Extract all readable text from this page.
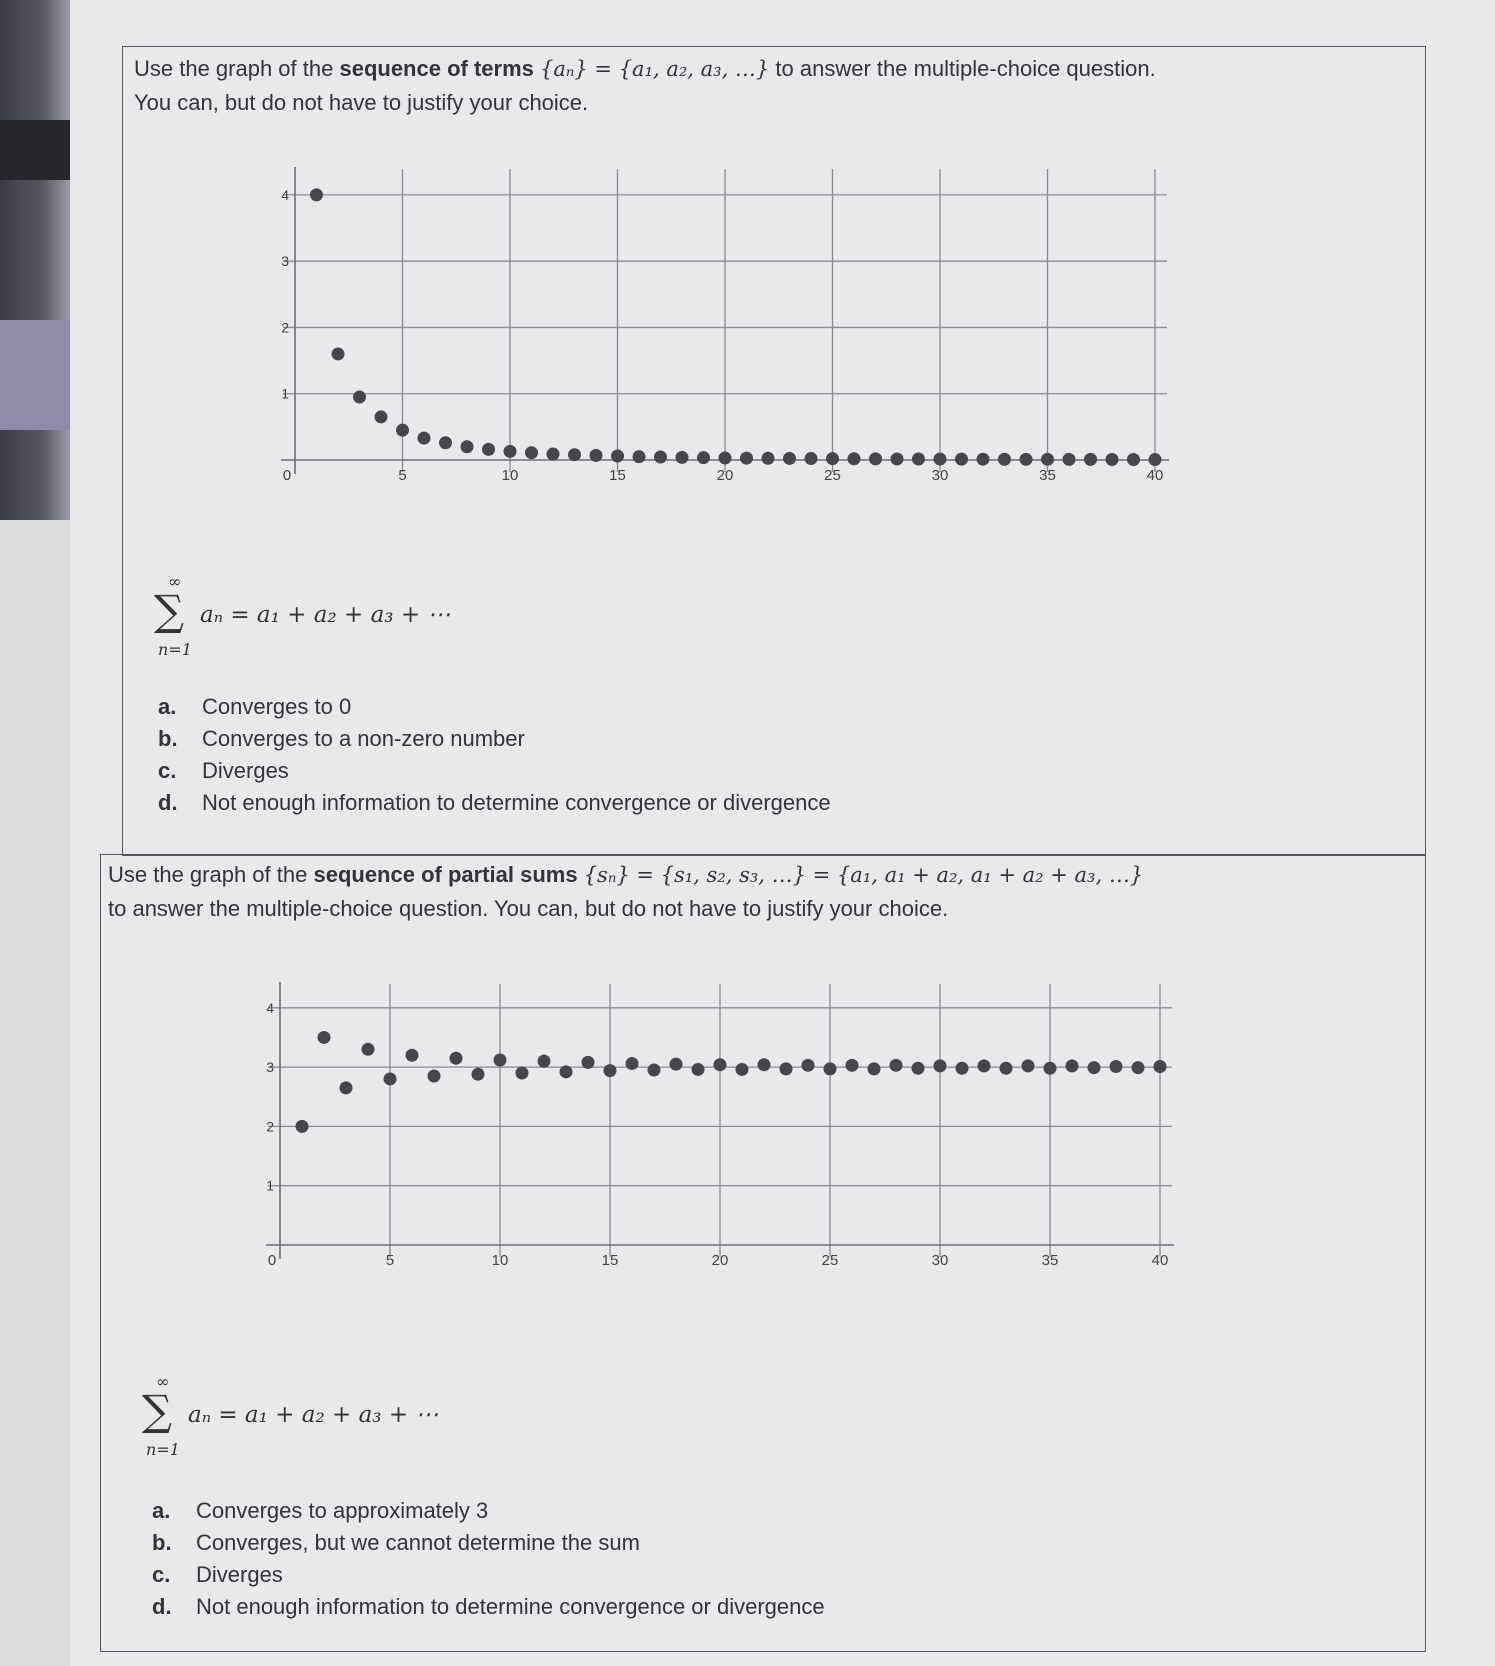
Use the graph of the sequence of terms {aₙ} = {a₁, a₂, a₃, …} to answer the multiple-choice question.
You can, but do not have to justify your choice.
0	5	10	15	20	25	30	35	40
1
2
3
4
∞
∑
n=1
aₙ = a₁ + a₂ + a₃ + ⋯
a. Converges to 0
b. Converges to a non-zero number
c. Diverges
d. Not enough information to determine convergence or divergence
Use the graph of the sequence of partial sums {sₙ} = {s₁, s₂, s₃, …} = {a₁, a₁ + a₂, a₁ + a₂ + a₃, …}
to answer the multiple-choice question. You can, but do not have to justify your choice.
0	5	10	15	20	25	30	35	40
1
2
3
4
∞
∑
n=1
aₙ = a₁ + a₂ + a₃ + ⋯
a. Converges to approximately 3
b. Converges, but we cannot determine the sum
c. Diverges
d. Not enough information to determine convergence or divergence
